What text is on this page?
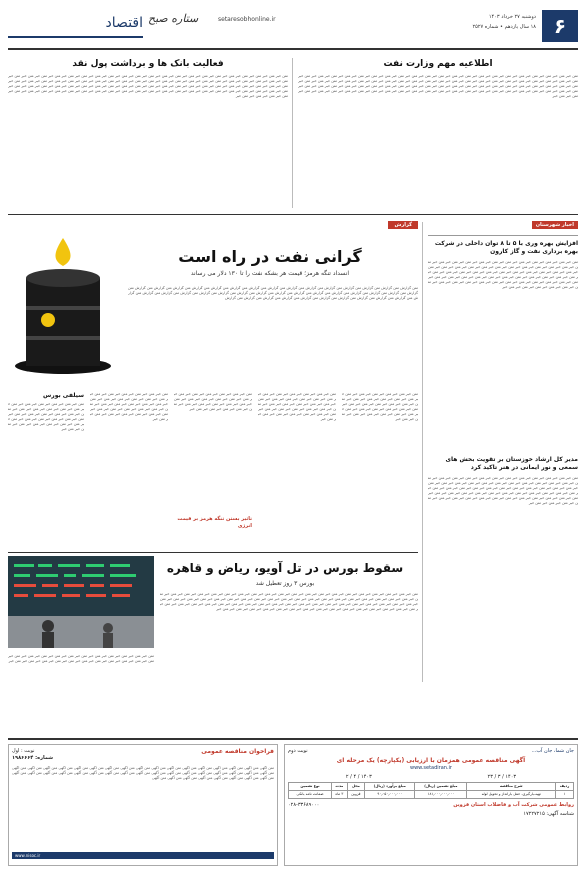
۶
دوشنبه ۲۷ خرداد ۱۴۰۳
۱۸ سال یازدهم • شماره ۲۵۲۷
setaresobhonline.ir
ستاره صبح
اقتصاد
اطلاعیه مهم وزارت نفت
متن خبر متن خبر متن خبر متن خبر متن خبر متن خبر متن خبر متن خبر متن خبر متن خبر متن خبر متن خبر متن خبر متن خبر متن خبر متن خبر متن خبر متن خبر متن خبر متن خبر متن خبر متن خبر متن خبر متن خبر متن خبر متن خبر متن خبر متن خبر متن خبر متن خبر متن خبر متن خبر متن خبر متن خبر متن خبر متن خبر متن خبر متن خبر متن خبر متن خبر متن خبر متن خبر متن خبر متن خبر متن خبر متن خبر متن خبر متن خبر متن خبر متن خبر متن خبر متن خبر متن خبر متن خبر متن خبر متن خبر متن خبر متن خبر متن خبر متن خبر متن خبر متن خبر متن خبر متن خبر متن خبر متن خبر متن خبر متن خبر متن خبر متن خبر متن خبر متن خبر متن خبر متن خبر متن خبر متن خبر متن خبر متن خبر متن خبر متن خبر متن خبر متن خبر متن خبر متن خبر متن خبر متن خبر
فعالیت بانک ها و برداشت پول نقد
متن خبر متن خبر متن خبر متن خبر متن خبر متن خبر متن خبر متن خبر متن خبر متن خبر متن خبر متن خبر متن خبر متن خبر متن خبر متن خبر متن خبر متن خبر متن خبر متن خبر متن خبر متن خبر متن خبر متن خبر متن خبر متن خبر متن خبر متن خبر متن خبر متن خبر متن خبر متن خبر متن خبر متن خبر متن خبر متن خبر متن خبر متن خبر متن خبر متن خبر متن خبر متن خبر متن خبر متن خبر متن خبر متن خبر متن خبر متن خبر متن خبر متن خبر متن خبر متن خبر متن خبر متن خبر متن خبر متن خبر متن خبر متن خبر متن خبر متن خبر متن خبر متن خبر متن خبر متن خبر متن خبر متن خبر متن خبر متن خبر متن خبر متن خبر متن خبر متن خبر متن خبر متن خبر متن خبر متن خبر متن خبر متن خبر متن خبر متن خبر متن خبر متن خبر متن خبر متن خبر متن خبر متن خبر متن خبر متن خبر
اخبار شهرستان
افزایش بهره وری با ۵ تا ۸ توان داخلی در شرکت بهره برداری نفت و گاز کارون
متن خبر متن خبر متن خبر متن خبر متن خبر متن خبر متن خبر متن خبر متن خبر متن خبر متن خبر متن خبر متن خبر متن خبر متن خبر متن خبر متن خبر متن خبر متن خبر متن خبر متن خبر متن خبر متن خبر متن خبر متن خبر متن خبر متن خبر متن خبر متن خبر متن خبر متن خبر متن خبر متن خبر متن خبر متن خبر متن خبر متن خبر متن خبر متن خبر متن خبر متن خبر متن خبر متن خبر متن خبر متن خبر متن خبر متن خبر متن خبر متن خبر متن خبر متن خبر متن خبر متن خبر متن خبر متن خبر متن خبر متن خبر متن خبر متن خبر متن خبر متن خبر متن خبر
مدیر کل ارشاد خوزستان بر تقویت بخش های سمعی و نور ایمانی در هنر تاکید کرد
متن خبر متن خبر متن خبر متن خبر متن خبر متن خبر متن خبر متن خبر متن خبر متن خبر متن خبر متن خبر متن خبر متن خبر متن خبر متن خبر متن خبر متن خبر متن خبر متن خبر متن خبر متن خبر متن خبر متن خبر متن خبر متن خبر متن خبر متن خبر متن خبر متن خبر متن خبر متن خبر متن خبر متن خبر متن خبر متن خبر متن خبر متن خبر متن خبر متن خبر متن خبر متن خبر متن خبر متن خبر متن خبر متن خبر متن خبر متن خبر متن خبر متن خبر متن خبر متن خبر متن خبر متن خبر متن خبر متن خبر متن خبر متن خبر متن خبر متن خبر
گزارش
گرانی نفت در راه است
انسداد تنگه هرمز؛ قیمت هر بشکه نفت را تا ۱۳۰ دلار می رساند
متن گزارش متن گزارش متن گزارش متن گزارش متن گزارش متن گزارش متن گزارش متن گزارش متن گزارش متن گزارش متن گزارش متن گزارش متن گزارش متن گزارش متن گزارش متن گزارش متن گزارش متن گزارش متن گزارش متن گزارش متن گزارش متن گزارش متن گزارش متن گزارش متن گزارش متن گزارش متن گزارش متن گزارش متن گزارش متن گزارش متن گزارش متن گزارش متن گزارش متن گزارش متن گزارش متن گزارش متن گزارش متن گزارش متن گزارش متن گزارش متن گزارش
سیلفی بورس
متن خبر متن خبر متن خبر متن خبر متن خبر متن خبر متن خبر متن خبر متن خبر متن خبر متن خبر متن خبر متن خبر متن خبر متن خبر متن خبر متن خبر متن خبر متن خبر متن خبر متن خبر متن خبر متن خبر متن خبر متن خبر متن خبر متن خبر متن خبر متن خبر متن خبر
متن خبر متن خبر متن خبر متن خبر متن خبر متن خبر متن خبر متن خبر متن خبر متن خبر متن خبر متن خبر متن خبر متن خبر متن خبر متن خبر متن خبر متن خبر متن خبر متن خبر متن خبر متن خبر متن خبر متن خبر متن خبر متن خبر متن خبر متن خبر متن خبر متن خبر
متن خبر متن خبر متن خبر متن خبر متن خبر متن خبر متن خبر متن خبر متن خبر متن خبر متن خبر متن خبر متن خبر متن خبر متن خبر متن خبر متن خبر متن خبر متن خبر متن خبر متن خبر متن خبر
تاثیر بستن تنگه هرمز بر قیمت انرژی
متن خبر متن خبر متن خبر متن خبر متن خبر متن خبر متن خبر متن خبر متن خبر متن خبر متن خبر متن خبر متن خبر متن خبر متن خبر متن خبر متن خبر متن خبر متن خبر متن خبر متن خبر متن خبر متن خبر متن خبر متن خبر متن خبر متن خبر متن خبر متن خبر متن خبر
متن خبر متن خبر متن خبر متن خبر متن خبر متن خبر متن خبر متن خبر متن خبر متن خبر متن خبر متن خبر متن خبر متن خبر متن خبر متن خبر متن خبر متن خبر متن خبر متن خبر متن خبر متن خبر متن خبر متن خبر متن خبر متن خبر متن خبر متن خبر متن خبر متن خبر
سقوط بورس در تل آویو، ریاض و قاهره
بورس ۳ روز تعطیل شد
متن خبر متن خبر متن خبر متن خبر متن خبر متن خبر متن خبر متن خبر متن خبر متن خبر متن خبر متن خبر متن خبر متن خبر متن خبر متن خبر متن خبر متن خبر متن خبر متن خبر متن خبر متن خبر متن خبر متن خبر متن خبر متن خبر متن خبر متن خبر متن خبر متن خبر متن خبر متن خبر متن خبر متن خبر متن خبر متن خبر متن خبر متن خبر متن خبر متن خبر متن خبر متن خبر متن خبر متن خبر متن خبر متن خبر متن خبر متن خبر متن خبر متن خبر متن خبر متن خبر متن خبر متن خبر متن خبر متن خبر متن خبر متن خبر متن خبر متن خبر متن خبر متن خبر متن خبر متن خبر متن خبر متن خبر متن خبر متن خبر متن خبر متن خبر متن خبر متن خبر متن خبر
متن خبر متن خبر متن خبر متن خبر متن خبر متن خبر متن خبر متن خبر متن خبر متن خبر متن خبر متن خبر متن خبر متن خبر متن خبر متن خبر متن خبر متن خبر متن خبر متن خبر متن خبر متن خبر
فراخوان مناقصه عمومی
نوبت : اول
شماره: ۱۹۸۶۶۶۴
متن آگهی متن آگهی متن آگهی متن آگهی متن آگهی متن آگهی متن آگهی متن آگهی متن آگهی متن آگهی متن آگهی متن آگهی متن آگهی متن آگهی متن آگهی متن آگهی متن آگهی متن آگهی متن آگهی متن آگهی متن آگهی متن آگهی متن آگهی متن آگهی متن آگهی متن آگهی متن آگهی متن آگهی متن آگهی متن آگهی متن آگهی متن آگهی متن آگهی متن آگهی متن آگهی متن آگهی متن آگهی متن آگهی متن آگهی متن آگهی متن آگهی متن آگهی
www.nisoc.ir
جان شما، جان آب...
نوبت دوم
آگهی مناقصه عمومی همزمان با ارزیابی (یکپارچه) یک مرحله ای
www.setadiran.ir
۱۴۰۳ / ۳ / ۲۳
۱۴۰۳ / ۴ / ۲
ردیف	شرح مناقصه	مبلغ تضمین (ریال)	مبلغ برآورد (ریال)	محل	مدت	نوع تضمین
۱	تهیه،بارگیری، حمل بارانداز و تحویل لوله	۱۸۱٫۰۰۰٫۰۰۰٫۰۰۰	۹۰٫۰۵۰٫۰۰۰٫۰۰۰	قزوین	۳ ماه	ضمانت نامه بانکی
روابط عمومی شرکت آب و فاضلاب استان قزوین
۰۲۸-۳۳۶۸۹۰۰۰
شناسه آگهی: ۱۷۲۲۷۲۱۵
